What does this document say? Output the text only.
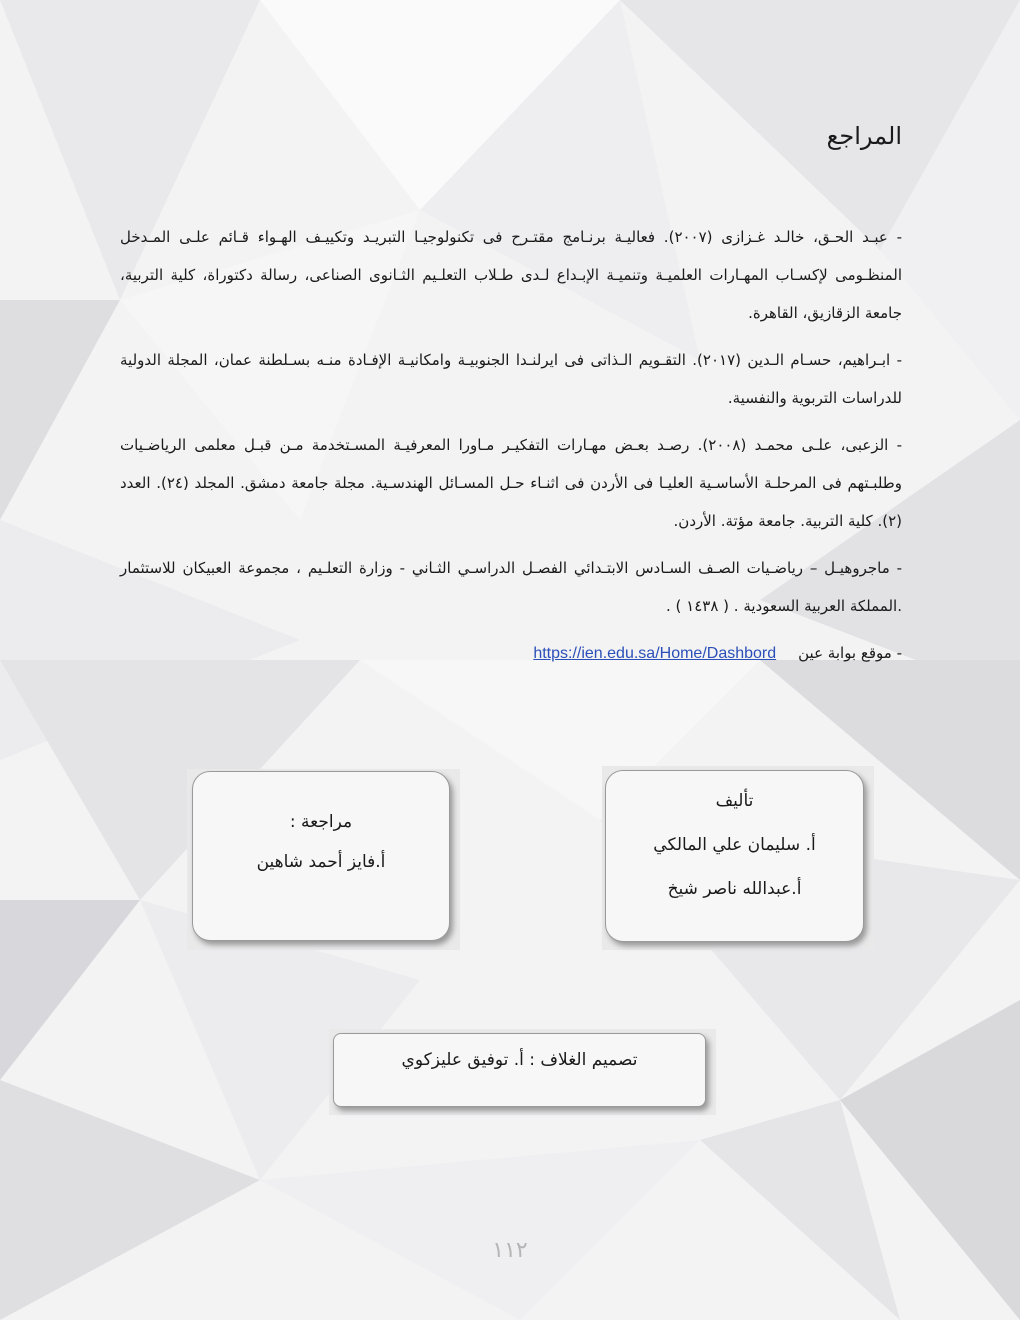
المراجع

- عبـد الحـق، خالـد غـزازى (٢٠٠٧). فعاليـة برنـامج مقتـرح فى تكنولوجيـا التبريـد وتكييـف الهـواء قـائم علـى المـدخل المنظـومى لإكسـاب المهـارات العلميـة وتنميـة الإبـداع لـدى طـلاب التعلـيم الثـانوى الصناعى، رسالة دكتوراة، كلية التربية، جامعة الزقازيق، القاهرة.

- ابـراهيم، حسـام الـدين (٢٠١٧). التقـويم الـذاتى فى ايرلنـدا الجنوبيـة وامكانيـة الإفـادة منـه بسـلطنة عمان، المجلة الدولية للدراسات التربوية والنفسية.

- الزعبى، علـى محمـد (٢٠٠٨). رصـد بعـض مهـارات التفكيـر مـاورا المعرفيـة المسـتخدمة مـن قبـل معلمى الرياضـيات وطلبـتهم فى المرحلـة الأساسـية العليـا فى الأردن فى اثنـاء حـل المسـائل الهندسـية. مجلة جامعة دمشق. المجلد (٢٤). العدد (٢). كلية التربية. جامعة مؤتة. الأردن.

- ماجروهيـل – رياضـيات الصـف السـادس الابتـدائي الفصـل الدراسـي الثـاني - وزارة التعلـيم ، مجموعة العبيكان للاستثمار .المملكة العربية السعودية . ( ١٤٣٨ ) .

- موقع بوابة عين
https://ien.edu.sa/Home/Dashbord
مراجعة :
أ.فايز أحمد شاهين
تأليف
أ. سليمان علي المالكي
أ.عبدالله ناصر شيخ
تصميم الغلاف : أ. توفيق عليزكوي
١١٢
